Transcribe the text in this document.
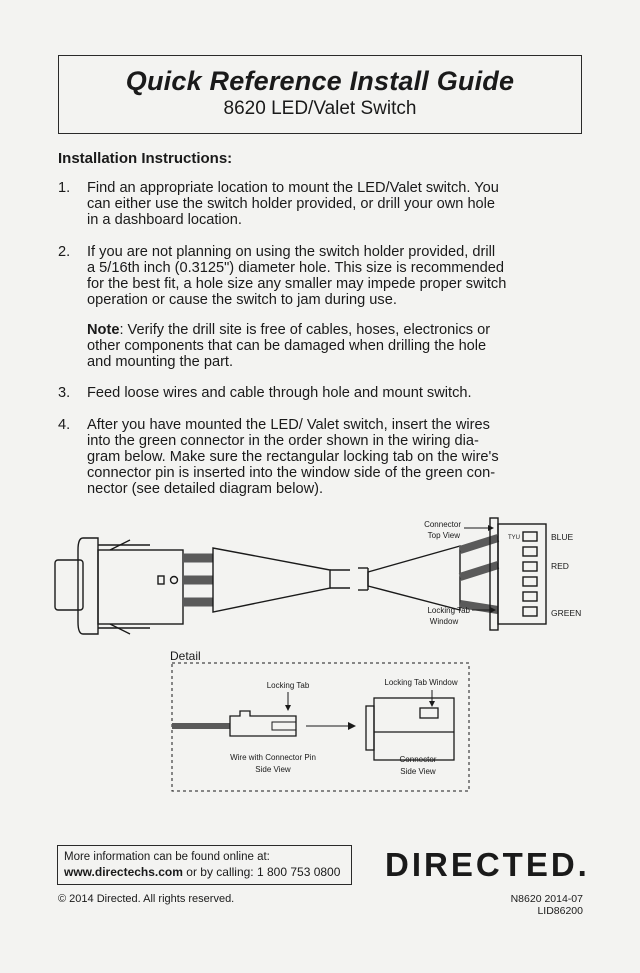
Quick Reference Install Guide
8620 LED/Valet Switch
Installation Instructions:
1. Find an appropriate location to mount the LED/Valet switch. You
can either use the switch holder provided, or drill your own hole
in a dashboard location.
2. If you are not planning on using the switch holder provided, drill
a 5/16th inch (0.3125") diameter hole. This size is recommended
for the best fit, a hole size any smaller may impede proper switch
operation or cause the switch to jam during use.
Note: Verify the drill site is free of cables, hoses, electronics or
other components that can be damaged when drilling the hole
and mounting the part.
3. Feed loose wires and cable through hole and mount switch.
4. After you have mounted the LED/ Valet switch, insert the wires
into the green connector in the order shown in the wiring dia-
gram below. Make sure the rectangular locking tab on the wire's
connector pin is inserted into the window side of the green con-
nector (see detailed diagram below).
Connector
Top View	TYU	BLUE
RED
GREEN
Locking Tab
Window
Detail
Locking Tab	Locking Tab Window
Wire with Connector Pin
Side View
Connector
Side View
More information can be found online at:
www.directechs.com or by calling: 1 800 753 0800 DIRECTED.
© 2014 Directed. All rights reserved.	N8620 2014-07
LID86200
